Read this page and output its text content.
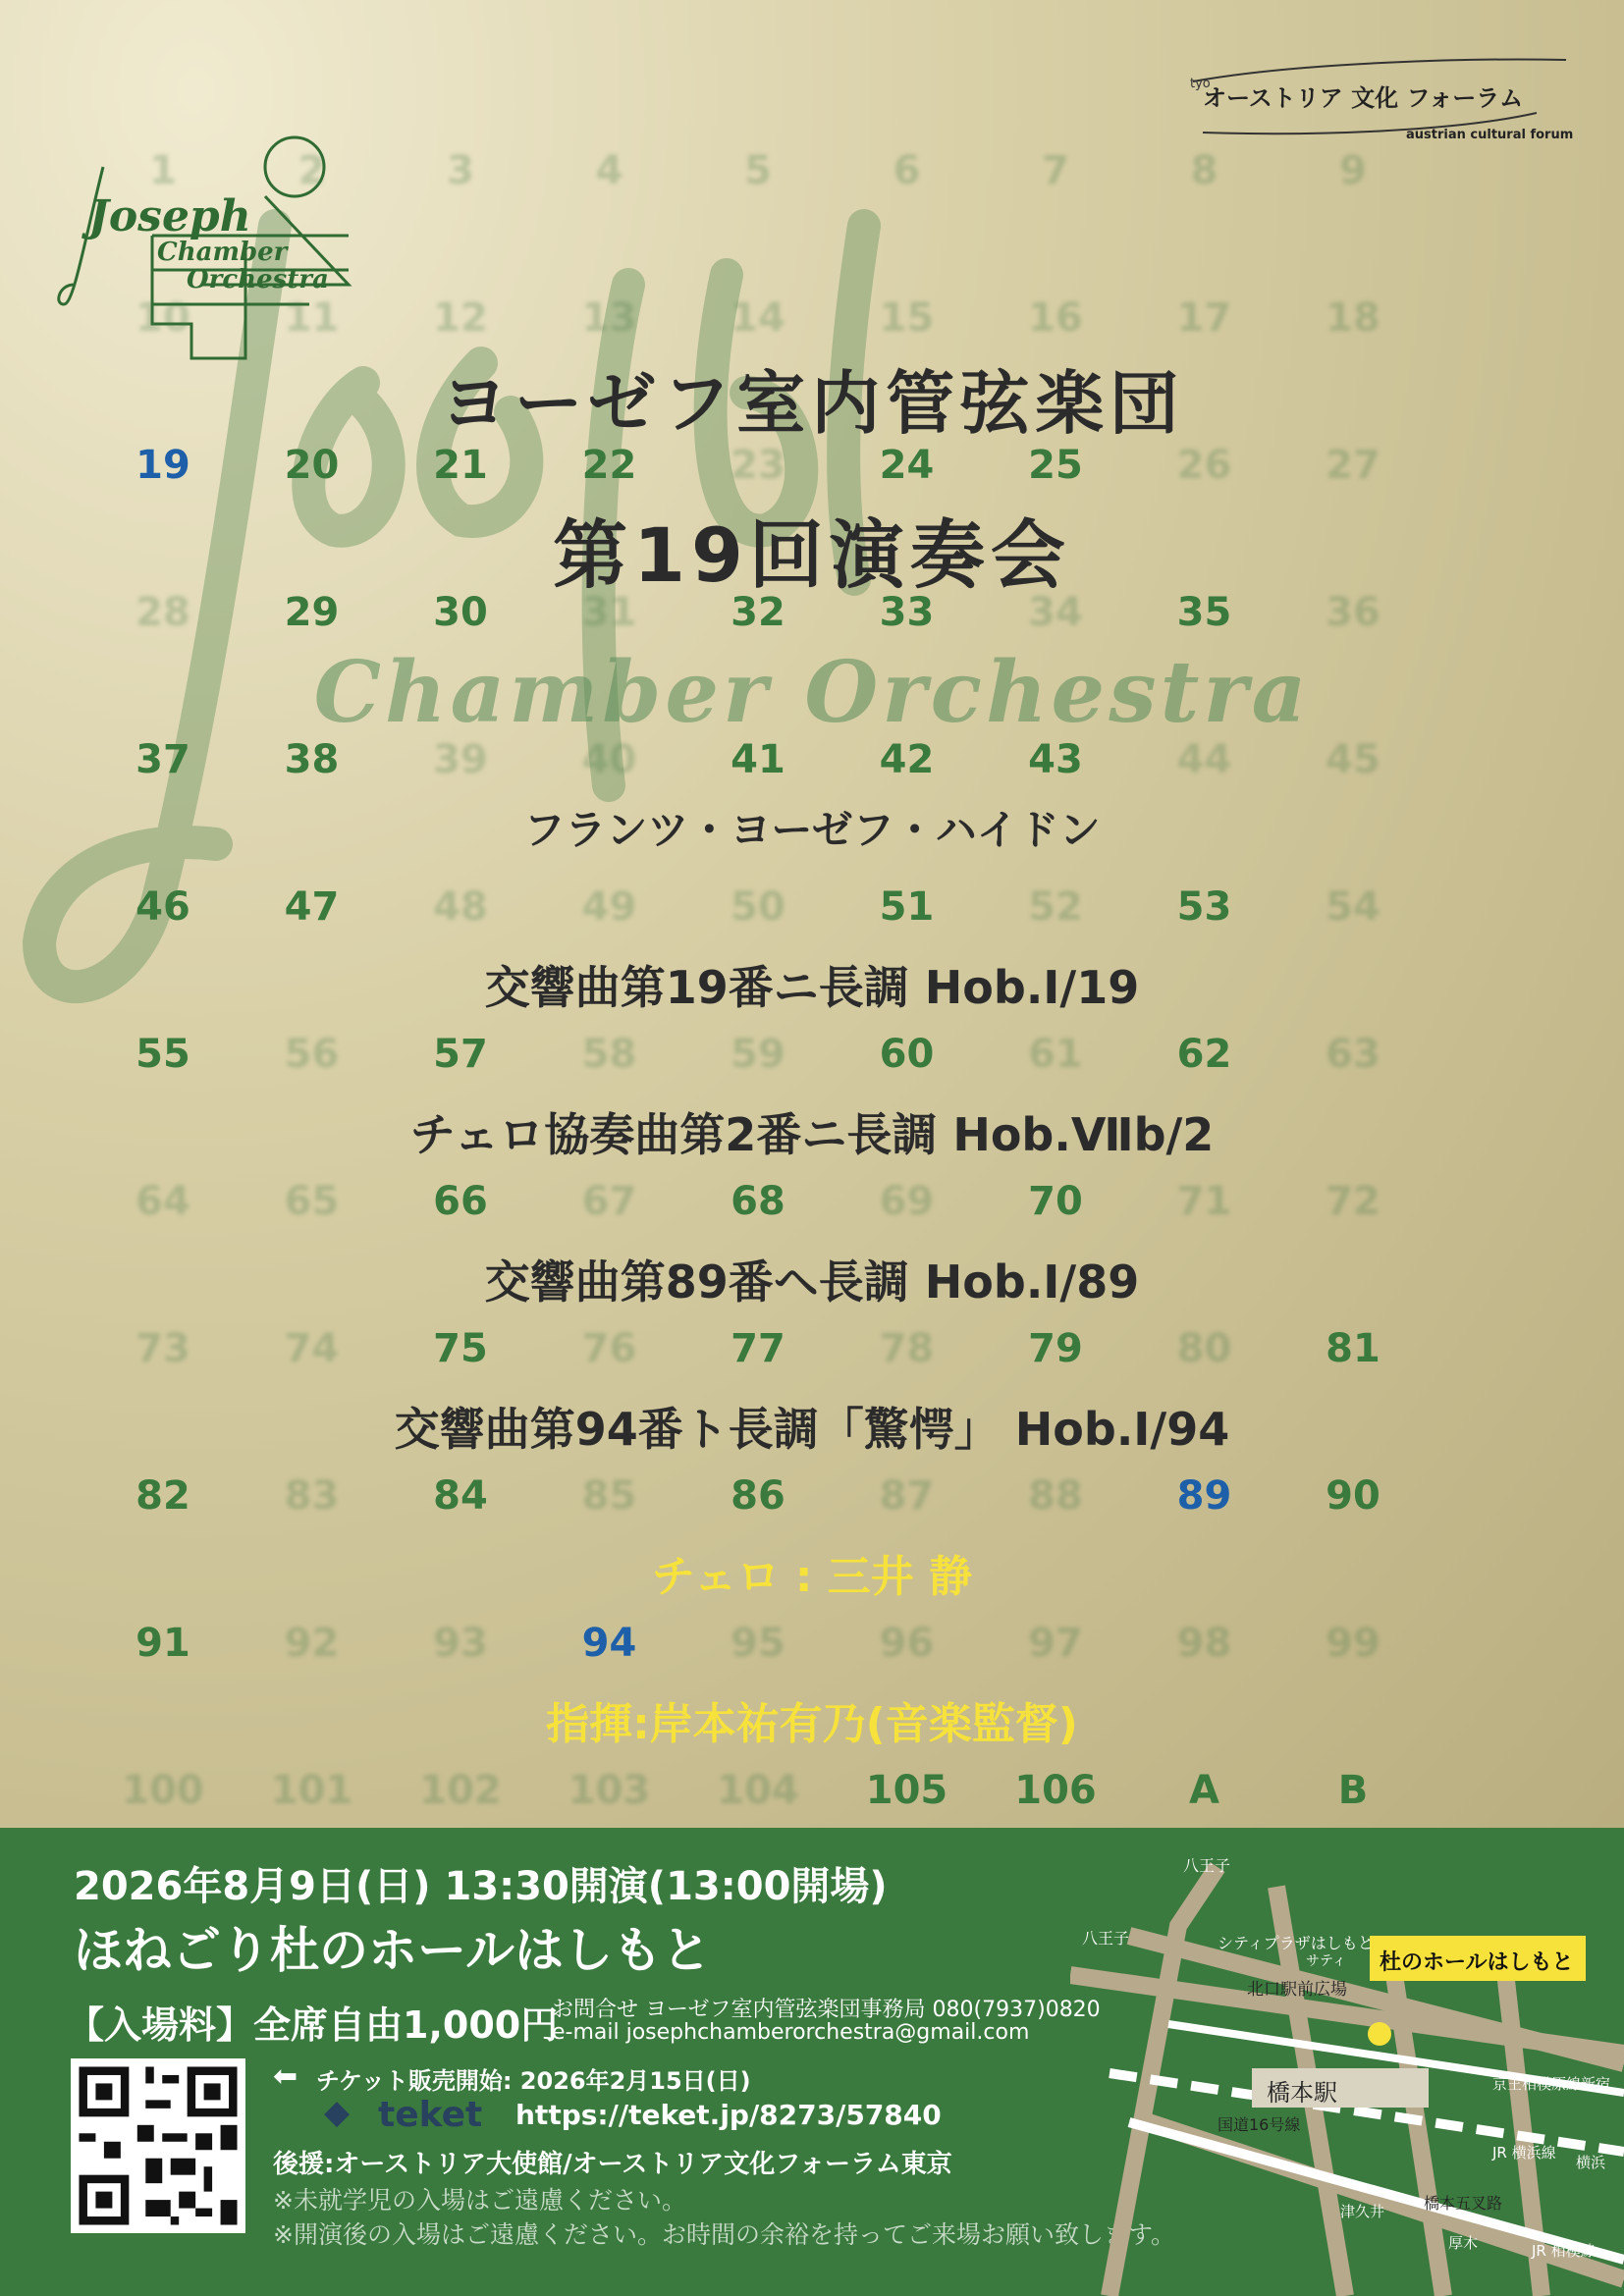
tyo
オーストリア 文化 フォーラム
austrian cultural forum
Joseph
Chamber
Orchestra
1	2	3	4	5	6	7	8	9
10	11	12	13	14	15	16	17	18
19	20	21	22	23	24	25	26	27
28	29	30	31	32	33	34	35	36
37	38	39	40	41	42	43	44	45
46	47	48	49	50	51	52	53	54
55	56	57	58	59	60	61	62	63
64	65	66	67	68	69	70	71	72
73	74	75	76	77	78	79	80	81
82	83	84	85	86	87	88	89	90
91	92	93	94	95	96	97	98	99
100	101	102	103	104	105	106	A	B
ヨーゼフ室内管弦楽団
第19回演奏会
Chamber Orchestra
フランツ・ヨーゼフ・ハイドン
交響曲第19番ニ長調 Hob.Ⅰ/19
チェロ協奏曲第2番ニ長調 Hob.Ⅶb/2
交響曲第89番ヘ長調 Hob.Ⅰ/89
交響曲第94番ト長調「驚愕」 Hob.Ⅰ/94
チェロ : 三井 静
指揮:岸本祐有乃(音楽監督)
2026年8月9日(日) 13:30開演(13:00開場)
ほねごり杜のホールはしもと
【入場料】全席自由1,000円
お問合せ ヨーゼフ室内管弦楽団事務局 080(7937)0820
e-mail josephchamberorchestra@gmail.com
⬅ チケット販売開始: 2026年2月15日(日)
◆ teket https://teket.jp/8273/57840
後援:オーストリア大使館/オーストリア文化フォーラム東京
※未就学児の入場はご遠慮ください。
※開演後の入場はご遠慮ください。お時間の余裕を持ってご来場お願い致します。
八王子
八王子	シティプラザはしもと
サティ
北口駅前広場
橋本駅
国道16号線
杜のホールはしもと
京王相模原線 新宿
JR 横浜線
横浜
橋本五叉路
津久井
厚木	JR 相模線
